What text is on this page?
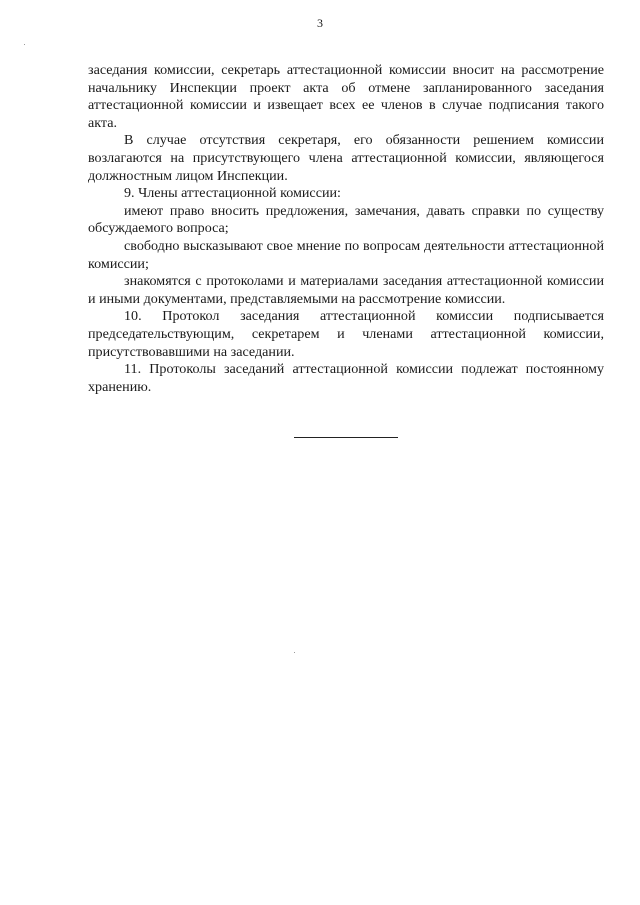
3

заседания комиссии, секретарь аттестационной комиссии вносит на рассмотрение начальнику Инспекции проект акта об отмене запланированного заседания аттестационной комиссии и извещает всех ее членов в случае подписания такого акта.

В случае отсутствия секретаря, его обязанности решением комиссии возлагаются на присутствующего члена аттестационной комиссии, являющегося должностным лицом Инспекции.

9. Члены аттестационной комиссии:

имеют право вносить предложения, замечания, давать справки по существу обсуждаемого вопроса;

свободно высказывают свое мнение по вопросам деятельности аттестационной комиссии;

знакомятся с протоколами и материалами заседания аттестационной комиссии и иными документами, представляемыми на рассмотрение комиссии.

10. Протокол заседания аттестационной комиссии подписывается председательствующим, секретарем и членами аттестационной комиссии, присутствовавшими на заседании.

11. Протоколы заседаний аттестационной комиссии подлежат постоянному хранению.
